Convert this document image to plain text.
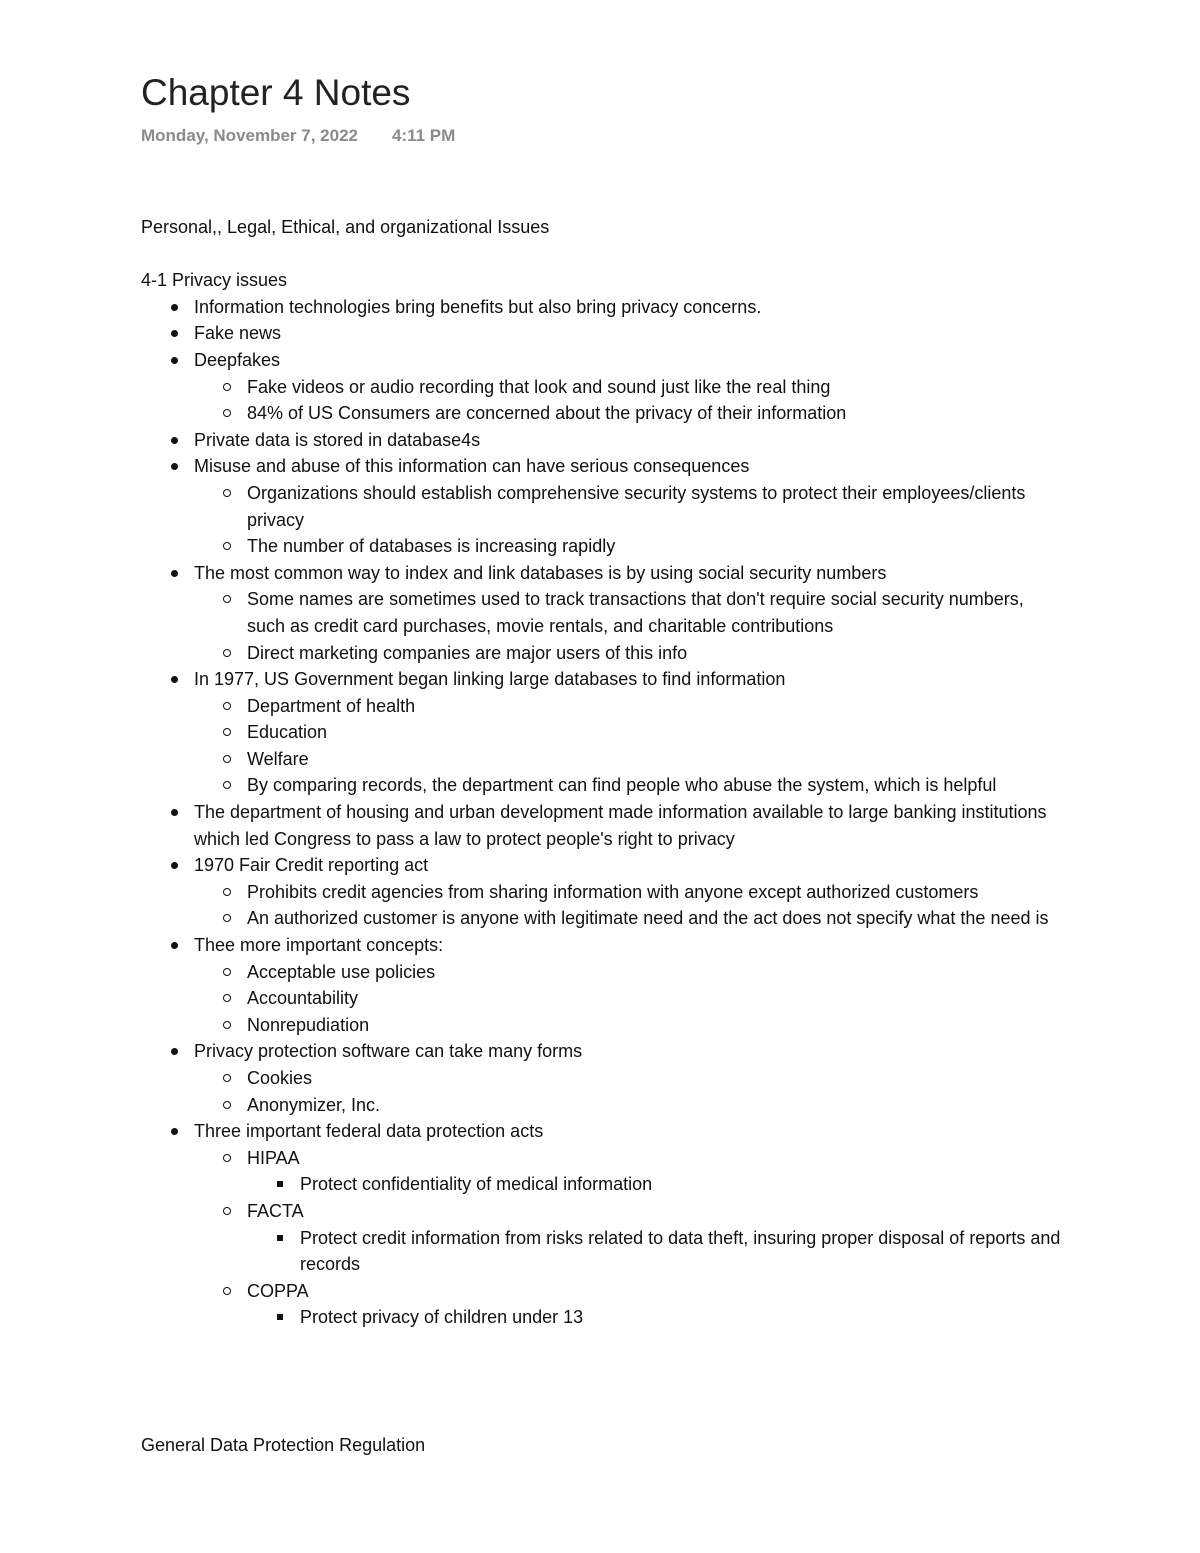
Chapter 4 Notes
Monday, November 7, 2022 4:11 PM

Personal,, Legal, Ethical, and organizational Issues

4-1 Privacy issues

Information technologies bring benefits but also bring privacy concerns.
Fake news
Deepfakes
Fake videos or audio recording that look and sound just like the real thing
84% of US Consumers are concerned about the privacy of their information
Private data is stored in database4s
Misuse and abuse of this information can have serious consequences
Organizations should establish comprehensive security systems to protect their employees/clients privacy
The number of databases is increasing rapidly
The most common way to index and link databases is by using social security numbers
Some names are sometimes used to track transactions that don't require social security numbers, such as credit card purchases, movie rentals, and charitable contributions
Direct marketing companies are major users of this info
In 1977, US Government began linking large databases to find information
Department of health
Education
Welfare
By comparing records, the department can find people who abuse the system, which is helpful
The department of housing and urban development made information available to large banking institutions which led Congress to pass a law to protect people's right to privacy
1970 Fair Credit reporting act
Prohibits credit agencies from sharing information with anyone except authorized customers
An authorized customer is anyone with legitimate need and the act does not specify what the need is
Thee more important concepts:
Acceptable use policies
Accountability
Nonrepudiation
Privacy protection software can take many forms
Cookies
Anonymizer, Inc.
Three important federal data protection acts
HIPAA
Protect confidentiality of medical information
FACTA
Protect credit information from risks related to data theft, insuring proper disposal of reports and records
COPPA
Protect privacy of children under 13
General Data Protection Regulation
